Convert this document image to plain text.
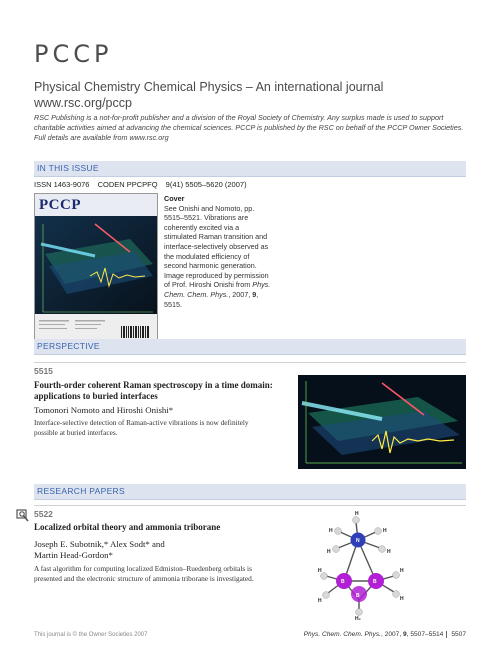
PCCP
Physical Chemistry Chemical Physics – An international journal
www.rsc.org/pccp
RSC Publishing is a not-for-profit publisher and a division of the Royal Society of Chemistry. Any surplus made is used to support charitable activities aimed at advancing the chemical sciences. PCCP is published by the RSC on behalf of the PCCP Owner Societies. Full details are available from www.rsc.org
IN THIS ISSUE
ISSN 1463-9076 CODEN PPCPFQ 9(41) 5505–5620 (2007)
PCCP	Cover
See Onishi and Nomoto, pp. 5515–5521. Vibrations are coherently excited via a stimulated Raman transition and interface-selectively observed as the modulated efficiency of second harmonic generation.
Image reproduced by permission of Prof. Hiroshi Onishi from Phys. Chem. Chem. Phys., 2007, 9, 5515.
PERSPECTIVE
5515
Fourth-order coherent Raman spectroscopy in a time domain: applications to buried interfaces
Tomonori Nomoto and Hiroshi Onishi*
Interface-selective detection of Raman-active vibrations is now definitely possible at buried interfaces.
RESEARCH PAPERS
5522
Localized orbital theory and ammonia triborane
Joseph E. Subotnik,* Alex Sodt* and
Martin Head-Gordon*
A fast algorithm for computing localized Edmiston–Ruedenberg orbitals is presented and the electronic structure of ammonia triborane is investigated.
H
H	H
H	H
N
B	B
B
H
H
H
H
H₂
This journal is © the Owner Societies 2007	Phys. Chem. Chem. Phys., 2007, 9, 5507–5514 5507
